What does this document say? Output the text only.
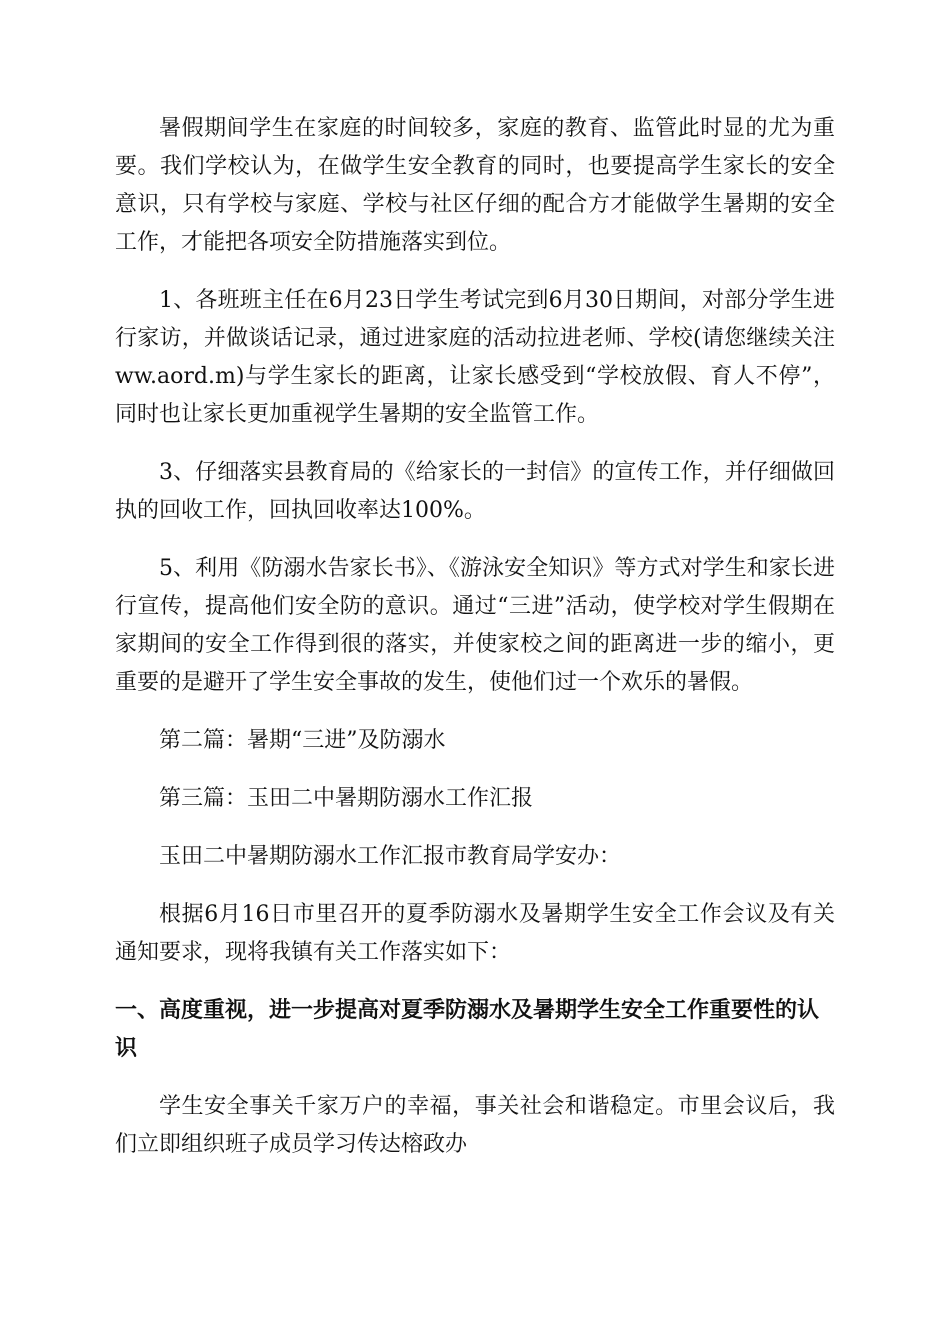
暑假期间学生在家庭的时间较多，家庭的教育、监管此时显的尤为重要。我们学校认为，在做学生安全教育的同时，也要提高学生家长的安全意识，只有学校与家庭、学校与社区仔细的配合方才能做学生暑期的安全工作，才能把各项安全防措施落实到位。

1、各班班主任在6月23日学生考试完到6月30日期间，对部分学生进行家访，并做谈话记录，通过进家庭的活动拉进老师、学校(请您继续关注ww.aord.m)与学生家长的距离，让家长感受到“学校放假、育人不停”，同时也让家长更加重视学生暑期的安全监管工作。

3、仔细落实县教育局的《给家长的一封信》的宣传工作，并仔细做回执的回收工作，回执回收率达100%。

5、利用《防溺水告家长书》、《游泳安全知识》等方式对学生和家长进行宣传，提高他们安全防的意识。通过“三进”活动，使学校对学生假期在家期间的安全工作得到很的落实，并使家校之间的距离进一步的缩小，更重要的是避开了学生安全事故的发生，使他们过一个欢乐的暑假。

第二篇：暑期“三进”及防溺水

第三篇：玉田二中暑期防溺水工作汇报

玉田二中暑期防溺水工作汇报市教育局学安办：

根据6月16日市里召开的夏季防溺水及暑期学生安全工作会议及有关通知要求，现将我镇有关工作落实如下：

一、高度重视，进一步提高对夏季防溺水及暑期学生安全工作重要性的认识

学生安全事关千家万户的幸福，事关社会和谐稳定。市里会议后，我们立即组织班子成员学习传达榕政办
